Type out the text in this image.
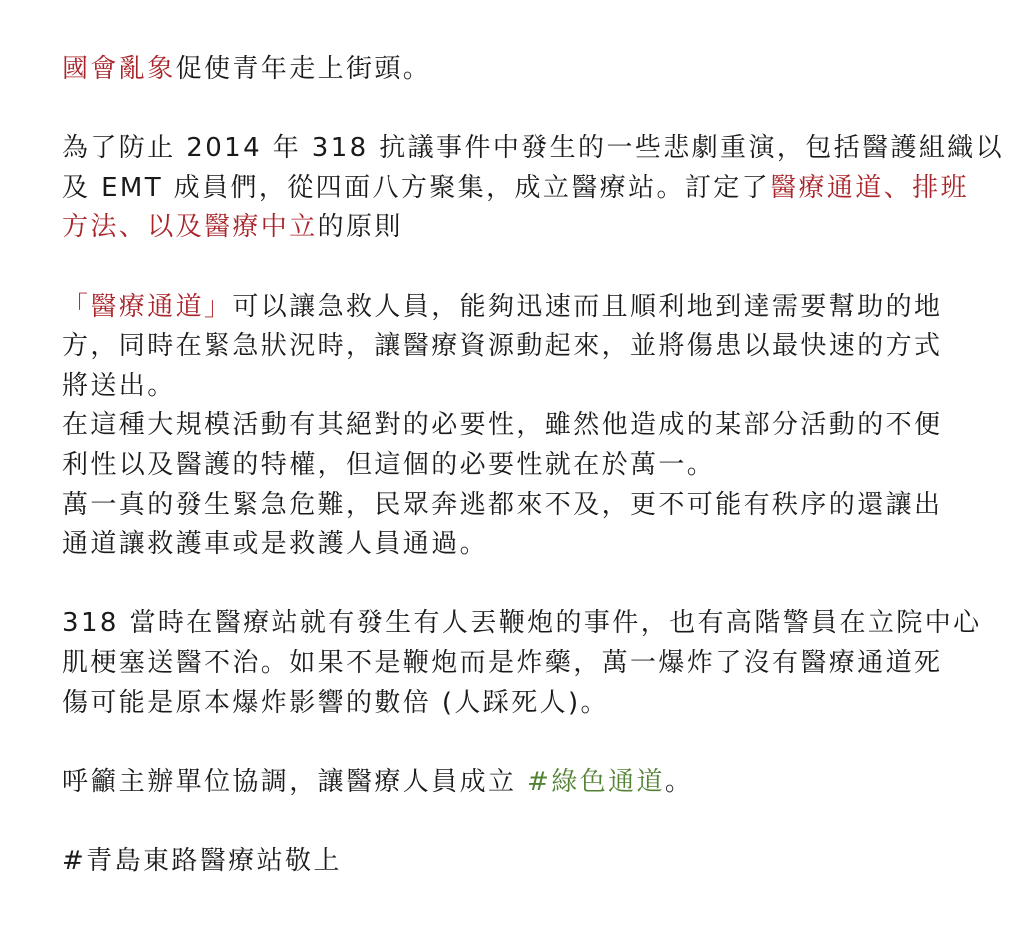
國會亂象促使青年走上街頭。
為了防止 2014 年 318 抗議事件中發生的一些悲劇重演，包括醫護組織以
及 EMT 成員們，從四面八方聚集，成立醫療站。訂定了醫療通道、排班
方法、以及醫療中立的原則
「醫療通道」可以讓急救人員，能夠迅速而且順利地到達需要幫助的地
方，同時在緊急狀況時，讓醫療資源動起來，並將傷患以最快速的方式
將送出。
在這種大規模活動有其絕對的必要性，雖然他造成的某部分活動的不便
利性以及醫護的特權，但這個的必要性就在於萬一。
萬一真的發生緊急危難，民眾奔逃都來不及，更不可能有秩序的還讓出
通道讓救護車或是救護人員通過。
318 當時在醫療站就有發生有人丟鞭炮的事件，也有高階警員在立院中心
肌梗塞送醫不治。如果不是鞭炮而是炸藥，萬一爆炸了沒有醫療通道死
傷可能是原本爆炸影響的數倍 (人踩死人)。
呼籲主辦單位協調，讓醫療人員成立 #綠色通道。
#青島東路醫療站敬上
